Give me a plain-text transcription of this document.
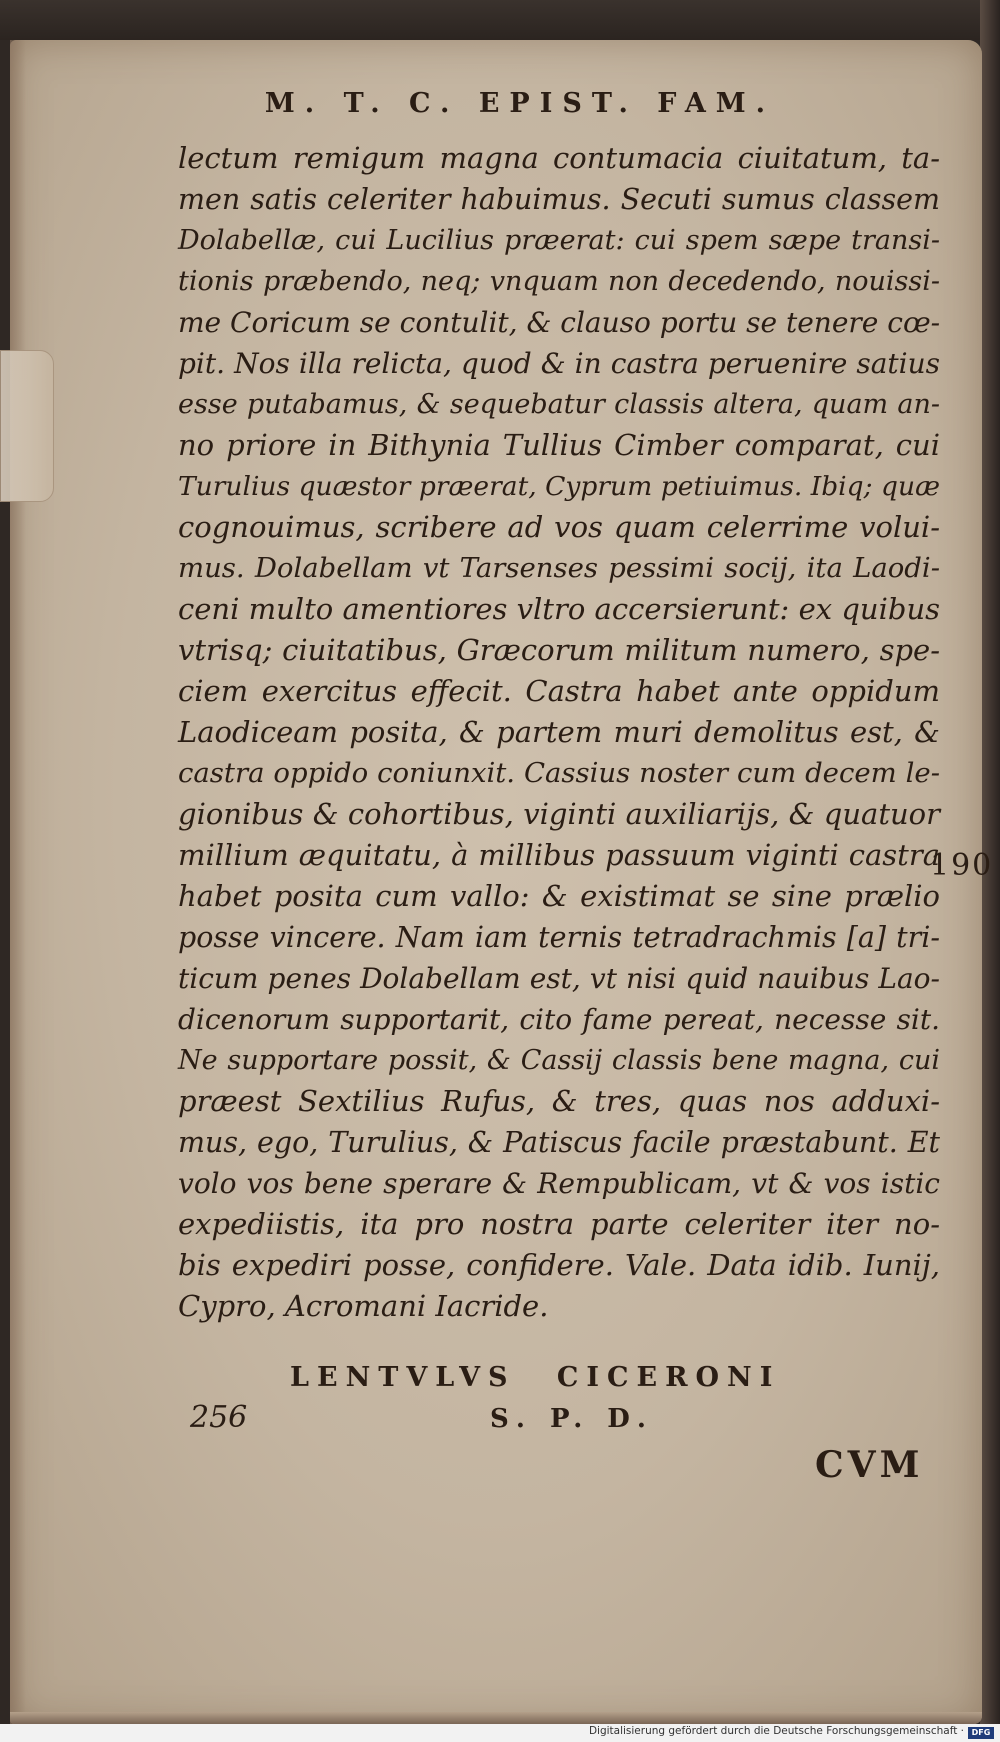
M. T. C. EPIST. FAM.
lectum remigum magna contumacia ciuitatum, ta-
men satis celeriter habuimus. Secuti sumus classem
Dolabellæ, cui Lucilius præerat: cui spem sæpe transi-
tionis præbendo, neq; vnquam non decedendo, nouissi-
me Coricum se contulit, & clauso portu se tenere cœ-
pit. Nos illa relicta, quod & in castra peruenire satius
esse putabamus, & sequebatur classis altera, quam an-
no priore in Bithynia Tullius Cimber comparat, cui
Turulius quæstor præerat, Cyprum petiuimus. Ibiq; quæ
cognouimus, scribere ad vos quam celerrime volui-
mus. Dolabellam vt Tarsenses pessimi socij, ita Laodi-
ceni multo amentiores vltro accersierunt: ex quibus
vtrisq; ciuitatibus, Græcorum militum numero, spe-
ciem exercitus effecit. Castra habet ante oppidum
Laodiceam posita, & partem muri demolitus est, &
castra oppido coniunxit. Cassius noster cum decem le-
gionibus & cohortibus, viginti auxiliarijs, & quatuor
millium æquitatu, à millibus passuum viginti castra
habet posita cum vallo: & existimat se sine prælio
posse vincere. Nam iam ternis tetradrachmis [a] tri-
ticum penes Dolabellam est, vt nisi quid nauibus Lao-
dicenorum supportarit, cito fame pereat, necesse sit.
Ne supportare possit, & Cassij classis bene magna, cui
præest Sextilius Rufus, & tres, quas nos adduxi-
mus, ego, Turulius, & Patiscus facile præstabunt. Et
volo vos bene sperare & Rempublicam, vt & vos istic
expediistis, ita pro nostra parte celeriter iter no-
bis expediri posse, confidere. Vale. Data idib. Iunij,
Cypro, Acromani Iacride.
190
LENTVLVS CICERONI
256	S. P. D.
CVM
Digitalisierung gefördert durch die Deutsche Forschungsgemeinschaft · DFG
